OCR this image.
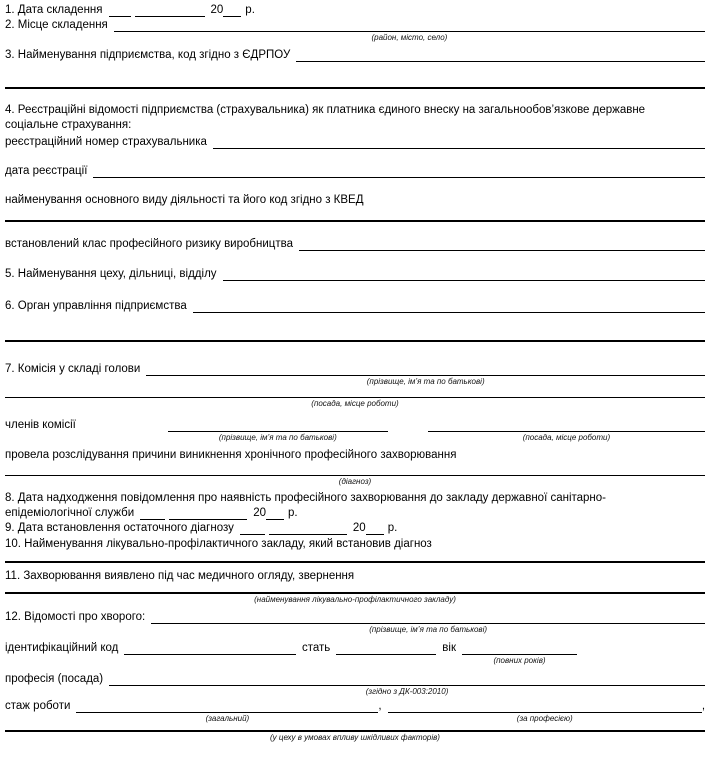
1. Дата складення	20 р.
2. Місце складення
(район, місто, село)
3. Найменування підприємства, код згідно з ЄДРПОУ
4. Реєстраційні відомості підприємства (страхувальника) як платника єдиного внеску на загальнообов’язкове державне
соціальне страхування:
реєстраційний номер страхувальника
дата реєстрації
найменування основного виду діяльності та його код згідно з КВЕД
встановлений клас професійного ризику виробництва
5. Найменування цеху, дільниці, відділу
6. Орган управління підприємства
7. Комісія у складі голови
(прізвище, ім’я та по батькові)
(посада, місце роботи)
членів комісії
(прізвище, ім’я та по батькові)	(посада, місце роботи)
провела розслідування причини виникнення хронічного професійного захворювання
(діагноз)
8. Дата надходження повідомлення про наявність професійного захворювання до закладу державної санітарно-
епідеміологічної служби	20 р.
9. Дата встановлення остаточного діагнозу	20 р.
10. Найменування лікувально-профілактичного закладу, який встановив діагноз
11. Захворювання виявлено під час медичного огляду, звернення
(найменування лікувально-профілактичного закладу)
12. Відомості про хворого:
(прізвище, ім’я та по батькові)
ідентифікаційний код	стать	вік
(повних років)
професія (посада)
(згідно з ДК-003:2010)
стаж роботи
(загальний)
,
(за професією)
,
(у цеху в умовах впливу шкідливих факторів)
